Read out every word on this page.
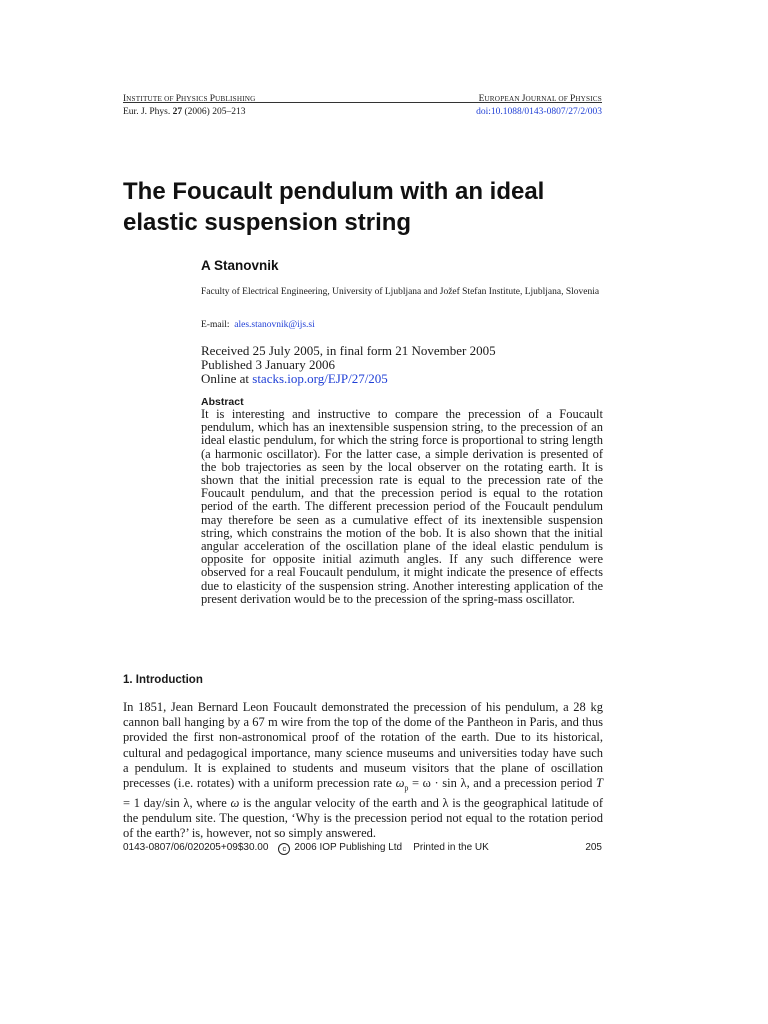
INSTITUTE OF PHYSICS PUBLISHING	EUROPEAN JOURNAL OF PHYSICS
Eur. J. Phys. 27 (2006) 205–213	doi:10.1088/0143-0807/27/2/003
The Foucault pendulum with an ideal elastic suspension string
A Stanovnik
Faculty of Electrical Engineering, University of Ljubljana and Jožef Stefan Institute, Ljubljana, Slovenia
E-mail: ales.stanovnik@ijs.si
Received 25 July 2005, in final form 21 November 2005
Published 3 January 2006
Online at stacks.iop.org/EJP/27/205
Abstract
It is interesting and instructive to compare the precession of a Foucault pendulum, which has an inextensible suspension string, to the precession of an ideal elastic pendulum, for which the string force is proportional to string length (a harmonic oscillator). For the latter case, a simple derivation is presented of the bob trajectories as seen by the local observer on the rotating earth. It is shown that the initial precession rate is equal to the precession rate of the Foucault pendulum, and that the precession period is equal to the rotation period of the earth. The different precession period of the Foucault pendulum may therefore be seen as a cumulative effect of its inextensible suspension string, which constrains the motion of the bob. It is also shown that the initial angular acceleration of the oscillation plane of the ideal elastic pendulum is opposite for opposite initial azimuth angles. If any such difference were observed for a real Foucault pendulum, it might indicate the presence of effects due to elasticity of the suspension string. Another interesting application of the present derivation would be to the precession of the spring-mass oscillator.
1. Introduction
In 1851, Jean Bernard Leon Foucault demonstrated the precession of his pendulum, a 28 kg cannon ball hanging by a 67 m wire from the top of the dome of the Pantheon in Paris, and thus provided the first non-astronomical proof of the rotation of the earth. Due to its historical, cultural and pedagogical importance, many science museums and universities today have such a pendulum. It is explained to students and museum visitors that the plane of oscillation precesses (i.e. rotates) with a uniform precession rate $\omega_p = \omega \cdot \sin \lambda$, and a precession period T = 1 day/sin λ, where ω is the angular velocity of the earth and λ is the geographical latitude of the pendulum site. The question, ‘Why is the precession period not equal to the rotation period of the earth?’ is, however, not so simply answered.
0143-0807/06/020205+09$30.00 c 2006 IOP Publishing Ltd    Printed in the UK	205
